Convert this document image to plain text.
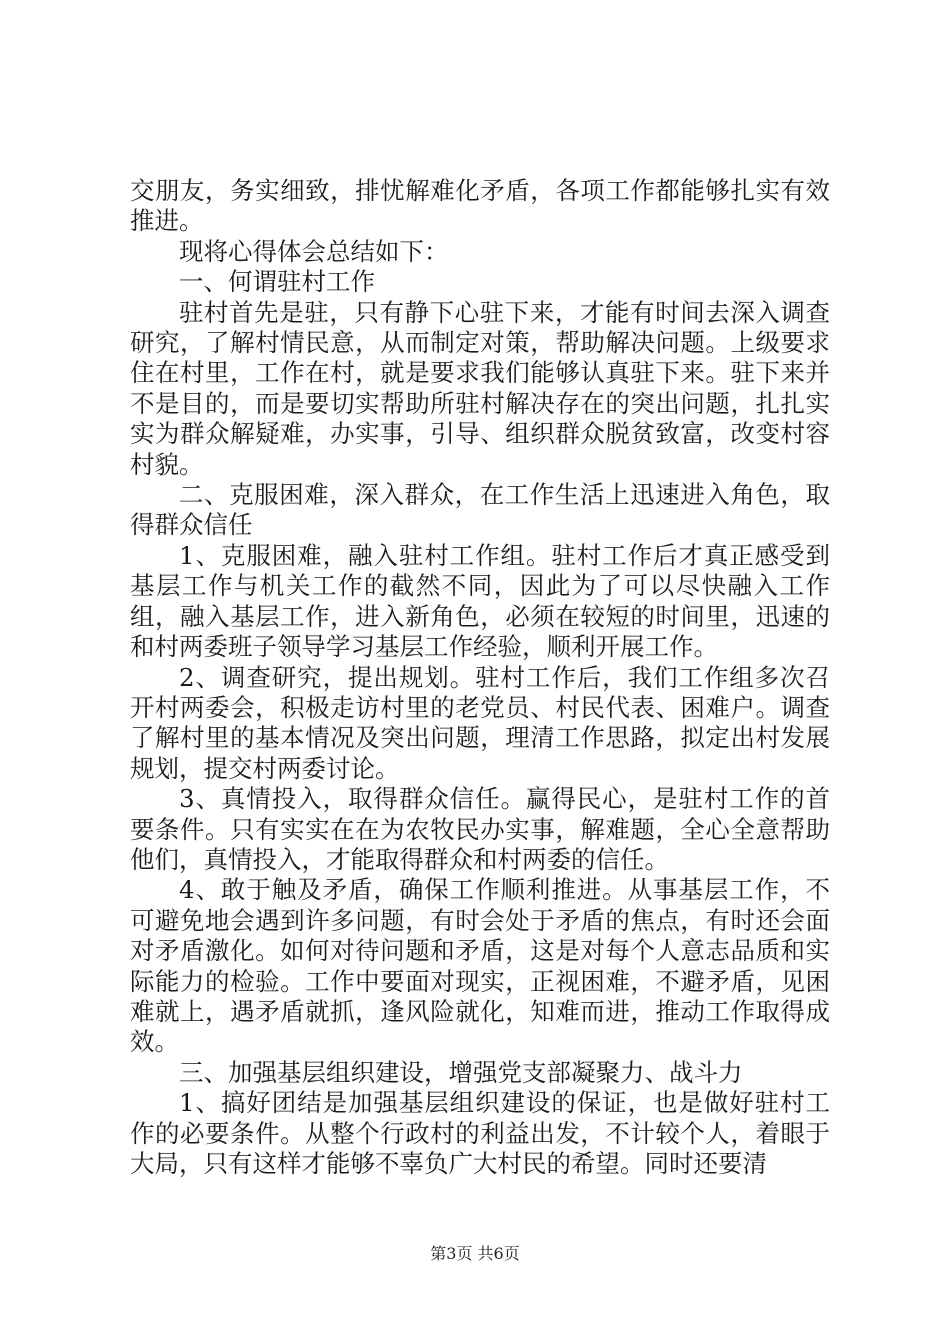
交朋友，务实细致，排忧解难化矛盾，各项工作都能够扎实有效推进。

现将心得体会总结如下：

一、何谓驻村工作

驻村首先是驻，只有静下心驻下来，才能有时间去深入调查研究，了解村情民意，从而制定对策，帮助解决问题。上级要求住在村里，工作在村，就是要求我们能够认真驻下来。驻下来并不是目的，而是要切实帮助所驻村解决存在的突出问题，扎扎实实为群众解疑难，办实事，引导、组织群众脱贫致富，改变村容村貌。

二、克服困难，深入群众，在工作生活上迅速进入角色，取得群众信任

1、克服困难，融入驻村工作组。驻村工作后才真正感受到基层工作与机关工作的截然不同，因此为了可以尽快融入工作组，融入基层工作，进入新角色，必须在较短的时间里，迅速的和村两委班子领导学习基层工作经验，顺利开展工作。

2、调查研究，提出规划。驻村工作后，我们工作组多次召开村两委会，积极走访村里的老党员、村民代表、困难户。调查了解村里的基本情况及突出问题，理清工作思路，拟定出村发展规划，提交村两委讨论。

3、真情投入，取得群众信任。赢得民心，是驻村工作的首要条件。只有实实在在为农牧民办实事，解难题，全心全意帮助他们，真情投入，才能取得群众和村两委的信任。

4、敢于触及矛盾，确保工作顺利推进。从事基层工作，不可避免地会遇到许多问题，有时会处于矛盾的焦点，有时还会面对矛盾激化。如何对待问题和矛盾，这是对每个人意志品质和实际能力的检验。工作中要面对现实，正视困难，不避矛盾，见困难就上，遇矛盾就抓，逢风险就化，知难而进，推动工作取得成效。

三、加强基层组织建设，增强党支部凝聚力、战斗力

1、搞好团结是加强基层组织建设的保证，也是做好驻村工作的必要条件。从整个行政村的利益出发，不计较个人，着眼于大局，只有这样才能够不辜负广大村民的希望。同时还要清

第3页 共6页
